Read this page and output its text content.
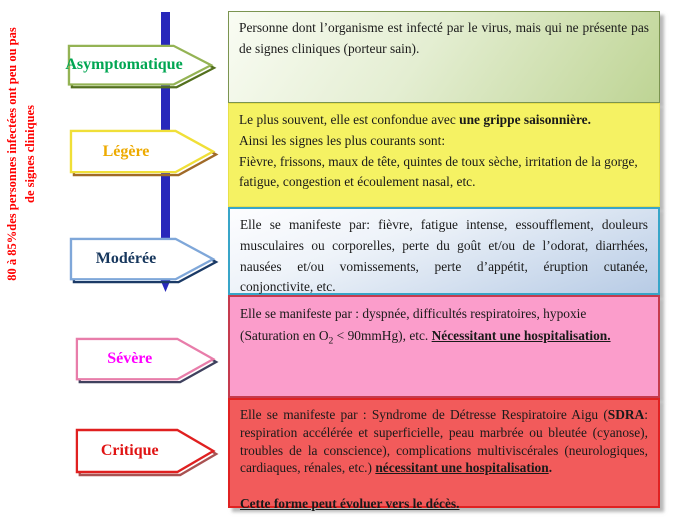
80 à 85%des personnes infectées ont peu ou pas de signes cliniques
Asymptomatique
Légère
Modérée
Sévère
Critique
Personne dont l’organisme est infecté par le virus, mais qui ne présente pas de signes cliniques (porteur sain).
Le plus souvent, elle est confondue avec une grippe saisonnière.
Ainsi les signes les plus courants sont:
Fièvre, frissons, maux de tête, quintes de toux sèche, irritation de la gorge, fatigue, congestion et écoulement nasal, etc.
Elle se manifeste par: fièvre, fatigue intense, essoufflement, douleurs musculaires ou corporelles, perte du goût et/ou de l’odorat, diarrhées, nausées et/ou vomissements, perte d’appétit, éruption cutanée, conjonctivite, etc.
Elle se manifeste par : dyspnée, difficultés respiratoires, hypoxie
(Saturation en $O_2$ < 90mmHg), etc. Nécessitant une hospitalisation.
Elle se manifeste par : Syndrome de Détresse Respiratoire Aigu (SDRA: respiration accélérée et superficielle, peau marbrée ou bleutée (cyanose), troubles de la conscience), complications multiviscérales (neurologiques, cardiaques, rénales, etc.) nécessitant une hospitalisation.

Cette forme peut évoluer vers le décès.
